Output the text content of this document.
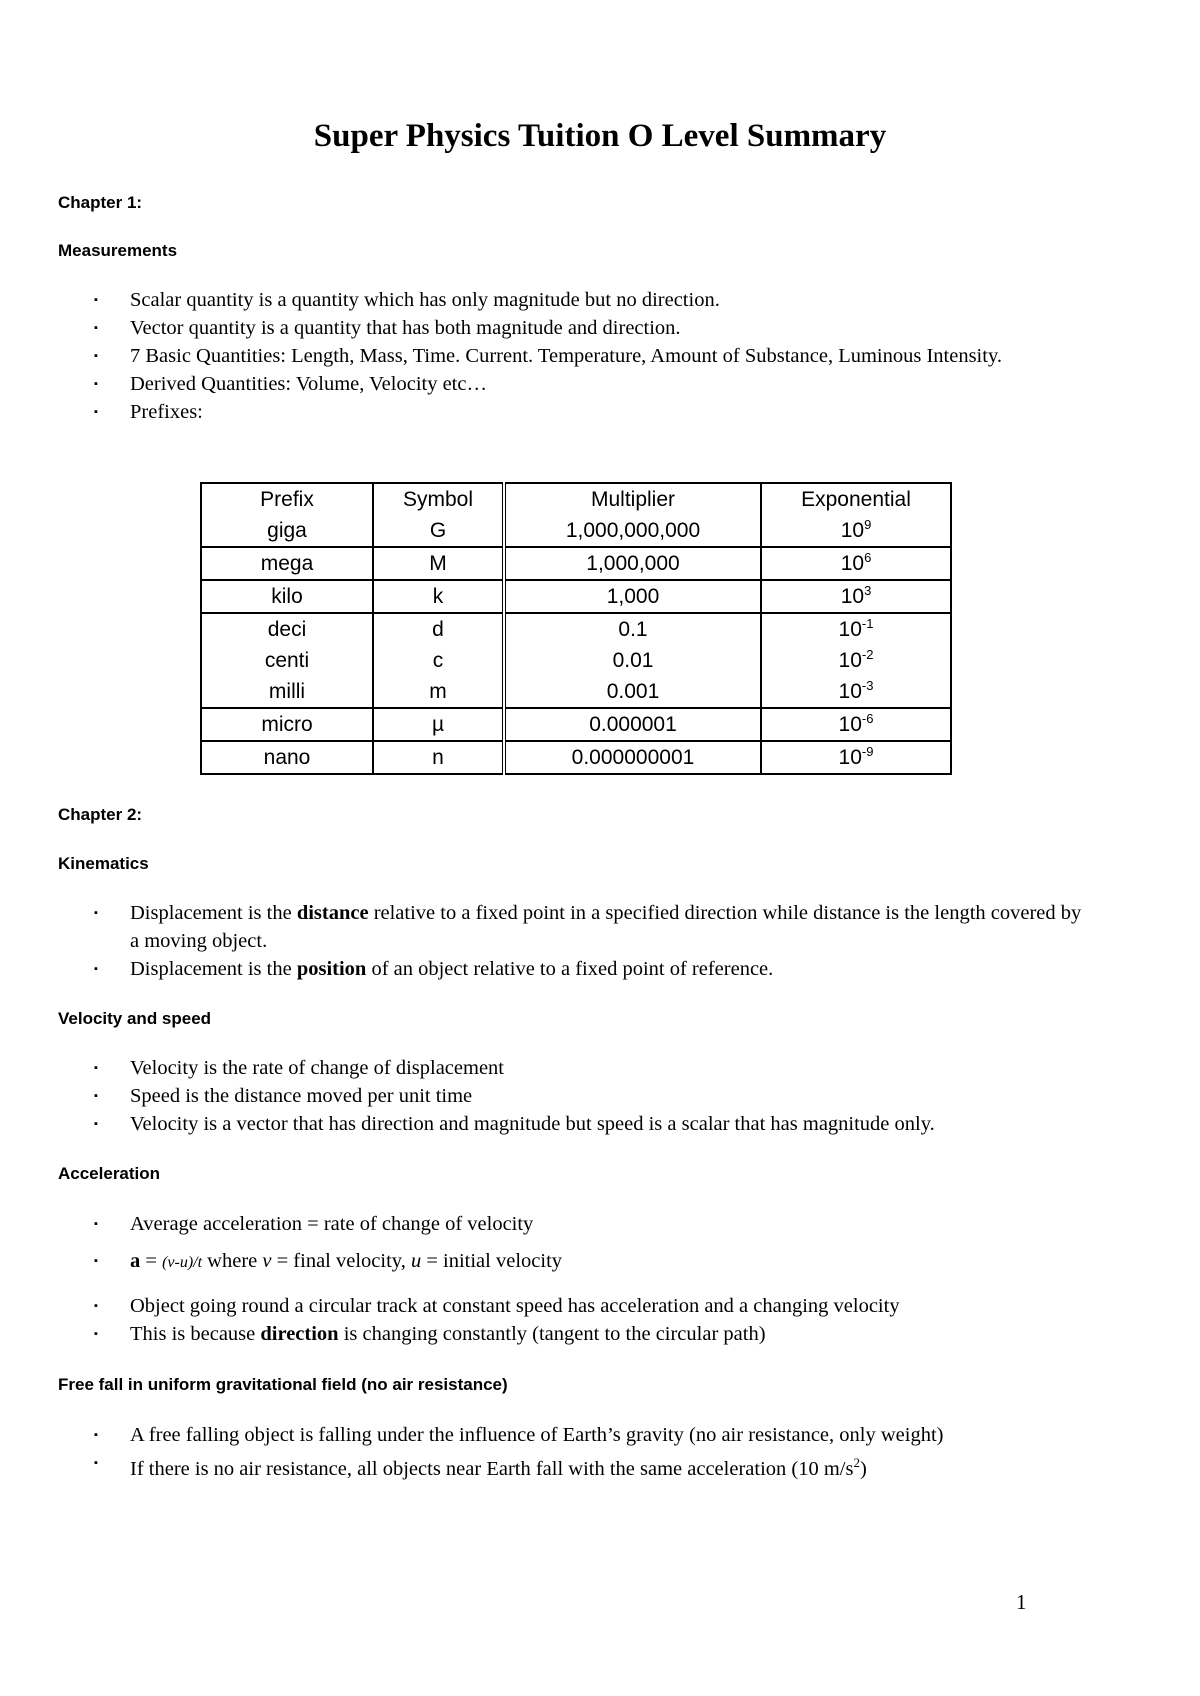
Super Physics Tuition O Level Summary
Chapter 1:
Measurements
▪ Scalar quantity is a quantity which has only magnitude but no direction.
▪ Vector quantity is a quantity that has both magnitude and direction.
▪ 7 Basic Quantities: Length, Mass, Time. Current. Temperature, Amount of Substance, Luminous Intensity.
▪ Derived Quantities: Volume, Velocity etc…
▪ Prefixes:
Prefix	Symbol	Multiplier	Exponential
giga	G	1,000,000,000	$10^9$
mega	M	1,000,000	$10^6$
kilo	k	1,000	$10^3$
deci	d	0.1	$10^{-1}$
centi	c	0.01	$10^{-2}$
milli	m	0.001	$10^{-3}$
micro	µ	0.000001	$10^{-6}$
nano	n	0.000000001	$10^{-9}$
Chapter 2:
Kinematics
▪ Displacement is the distance relative to a fixed point in a specified direction while distance is the length covered by a moving object.
▪ Displacement is the position of an object relative to a fixed point of reference.
Velocity and speed
▪ Velocity is the rate of change of displacement
▪ Speed is the distance moved per unit time
▪ Velocity is a vector that has direction and magnitude but speed is a scalar that has magnitude only.
Acceleration
▪ Average acceleration = rate of change of velocity
▪ a = (v-u)/t where v = final velocity, u = initial velocity
▪ Object going round a circular track at constant speed has acceleration and a changing velocity
▪ This is because direction is changing constantly (tangent to the circular path)
Free fall in uniform gravitational field (no air resistance)
▪ A free falling object is falling under the influence of Earth’s gravity (no air resistance, only weight)
▪ If there is no air resistance, all objects near Earth fall with the same acceleration (10 $m/s^2$)
1
